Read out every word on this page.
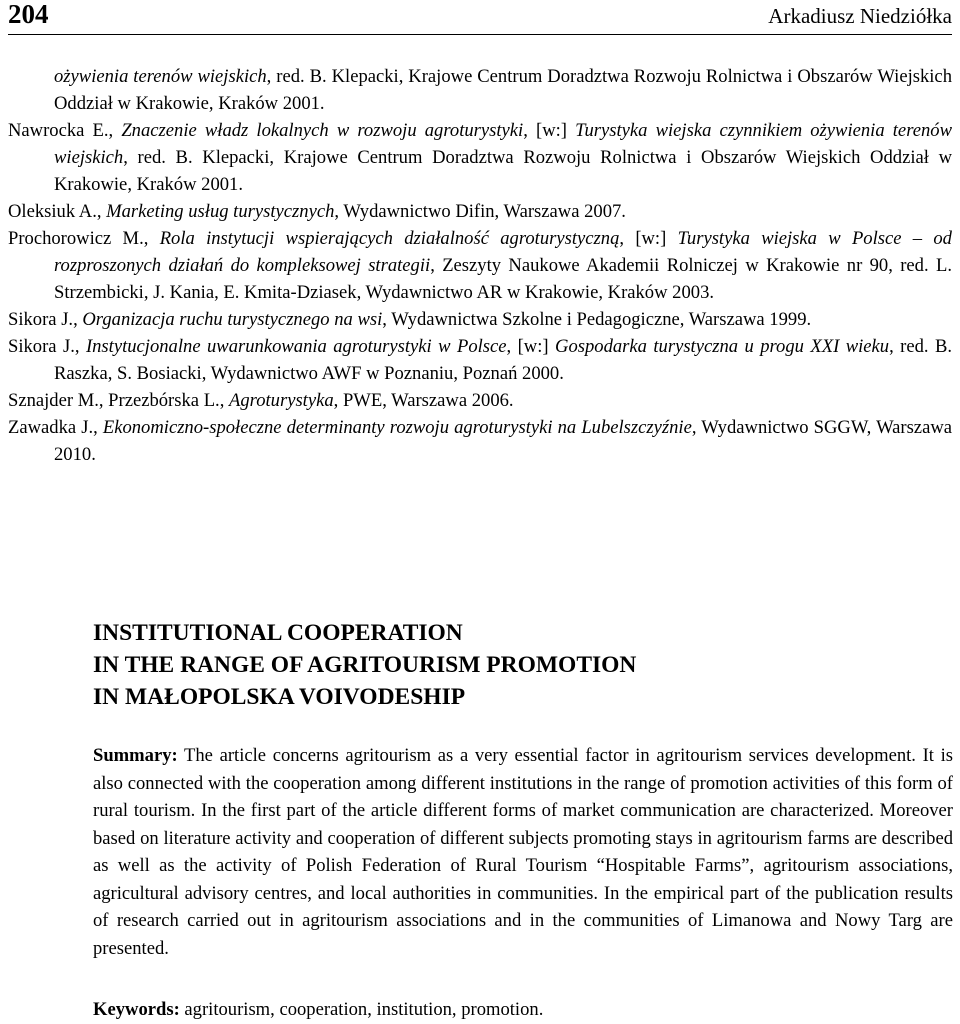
204	Arkadiusz Niedziółka

ożywienia terenów wiejskich, red. B. Klepacki, Krajowe Centrum Doradztwa Rozwoju Rolnictwa i Obszarów Wiejskich Oddział w Krakowie, Kraków 2001.

Nawrocka E., Znaczenie władz lokalnych w rozwoju agroturystyki, [w:] Turystyka wiejska czynnikiem ożywienia terenów wiejskich, red. B. Klepacki, Krajowe Centrum Doradztwa Rozwoju Rolnictwa i Obszarów Wiejskich Oddział w Krakowie, Kraków 2001.

Oleksiuk A., Marketing usług turystycznych, Wydawnictwo Difin, Warszawa 2007.

Prochorowicz M., Rola instytucji wspierających działalność agroturystyczną, [w:] Turystyka wiejska w Polsce – od rozproszonych działań do kompleksowej strategii, Zeszyty Naukowe Akademii Rolniczej w Krakowie nr 90, red. L. Strzembicki, J. Kania, E. Kmita-Dziasek, Wydawnictwo AR w Krakowie, Kraków 2003.

Sikora J., Organizacja ruchu turystycznego na wsi, Wydawnictwa Szkolne i Pedagogiczne, Warszawa 1999.

Sikora J., Instytucjonalne uwarunkowania agroturystyki w Polsce, [w:] Gospodarka turystyczna u progu XXI wieku, red. B. Raszka, S. Bosiacki, Wydawnictwo AWF w Poznaniu, Poznań 2000.

Sznajder M., Przezbórska L., Agroturystyka, PWE, Warszawa 2006.

Zawadka J., Ekonomiczno-społeczne determinanty rozwoju agroturystyki na Lubelszczyźnie, Wydawnictwo SGGW, Warszawa 2010.

INSTITUTIONAL COOPERATION
IN THE RANGE OF AGRITOURISM PROMOTION
IN MAŁOPOLSKA VOIVODESHIP

Summary: The article concerns agritourism as a very essential factor in agritourism services development. It is also connected with the cooperation among different institutions in the range of promotion activities of this form of rural tourism. In the first part of the article different forms of market communication are characterized. Moreover based on literature activity and cooperation of different subjects promoting stays in agritourism farms are described as well as the activity of Polish Federation of Rural Tourism “Hospitable Farms”, agritourism associations, agricultural advisory centres, and local authorities in communities. In the empirical part of the publication results of research carried out in agritourism associations and in the communities of Limanowa and Nowy Targ are presented.

Keywords: agritourism, cooperation, institution, promotion.
